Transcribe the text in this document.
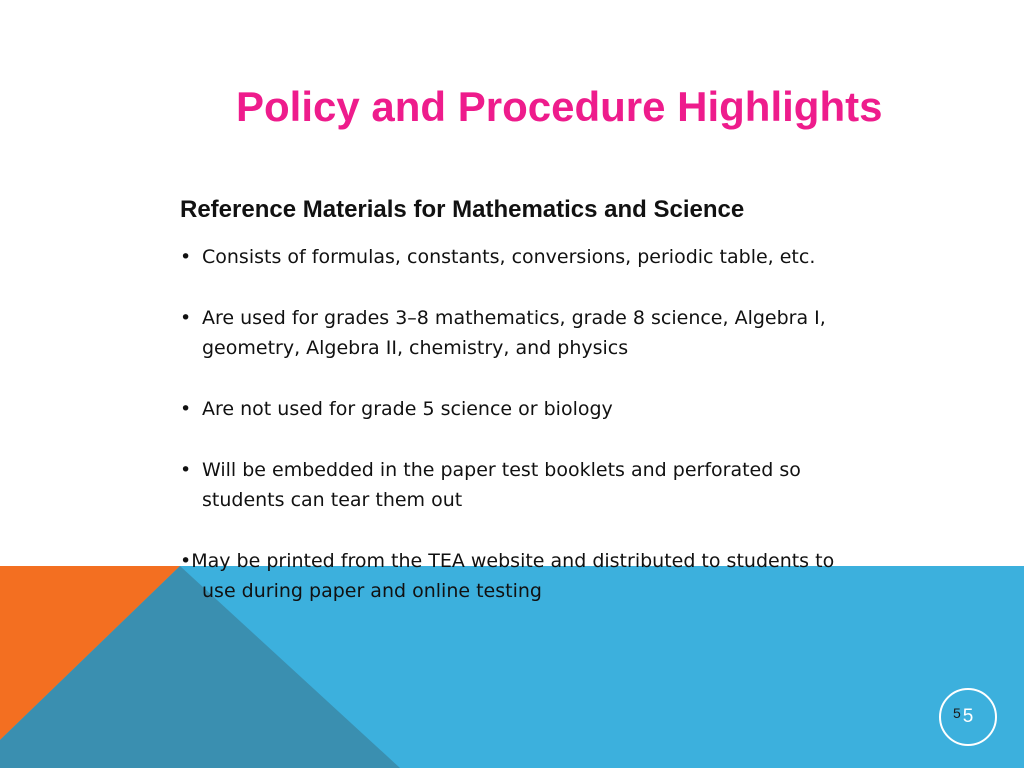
Policy and Procedure Highlights
Reference Materials for Mathematics and Science
• Consists of formulas, constants, conversions, periodic table, etc.
• Are used for grades 3–8 mathematics, grade 8 science, Algebra I,
geometry, Algebra II, chemistry, and physics
• Are not used for grade 5 science or biology
• Will be embedded in the paper test booklets and perforated so
students can tear them out
•May be printed from the TEA website and distributed to students to
use during paper and online testing
5 5
